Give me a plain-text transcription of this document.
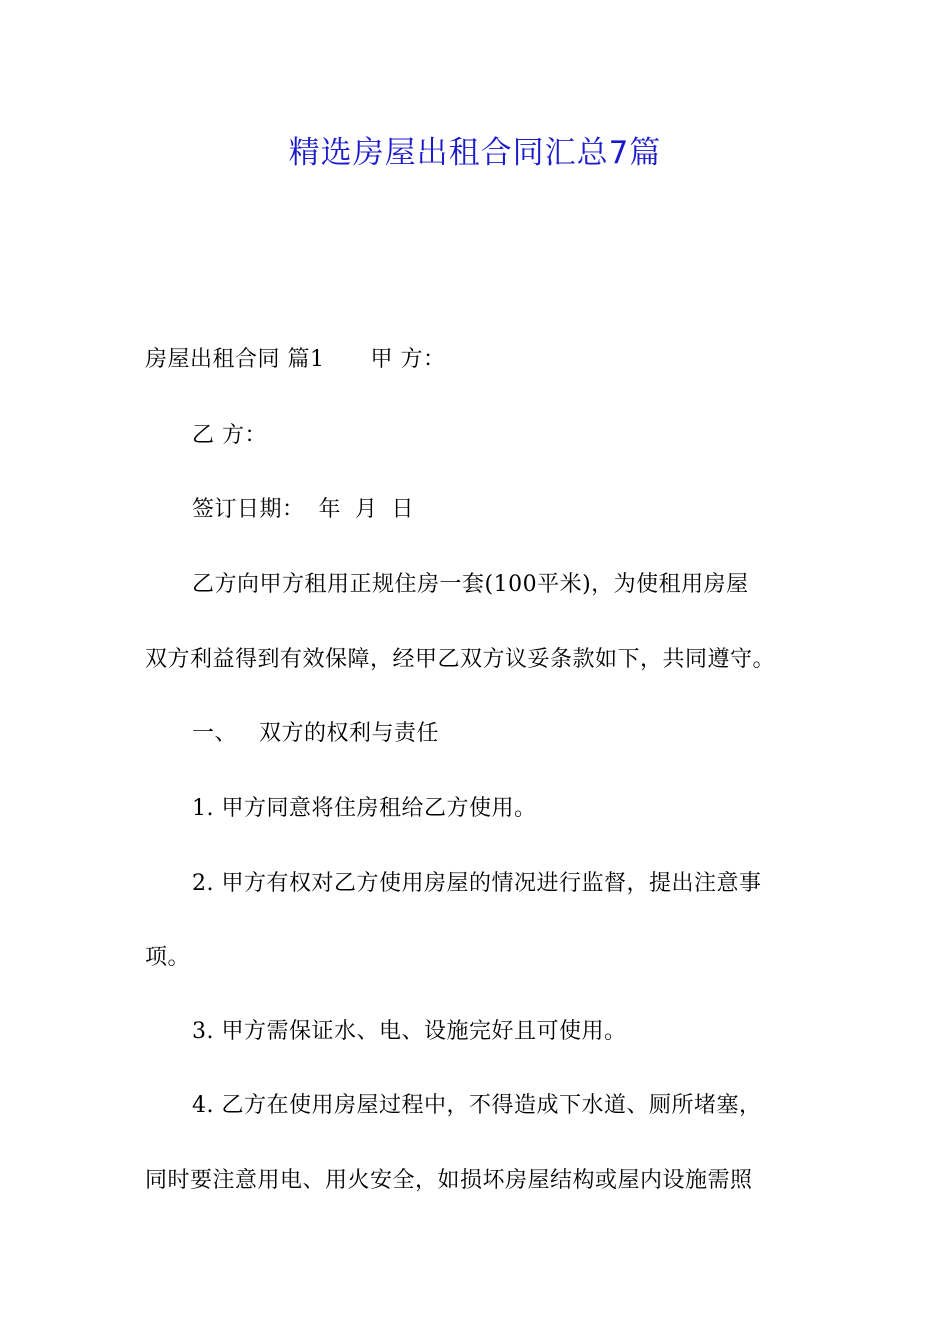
精选房屋出租合同汇总7篇
房屋出租合同 篇1 甲 方：
乙 方：
签订日期： 年 月 日
乙方向甲方租用正规住房一套(100平米)，为使租用房屋
双方利益得到有效保障，经甲乙双方议妥条款如下，共同遵守。
一、 双方的权利与责任
1. 甲方同意将住房租给乙方使用。
2. 甲方有权对乙方使用房屋的情况进行监督，提出注意事
项。
3. 甲方需保证水、电、设施完好且可使用。
4. 乙方在使用房屋过程中，不得造成下水道、厕所堵塞，
同时要注意用电、用火安全，如损坏房屋结构或屋内设施需照
